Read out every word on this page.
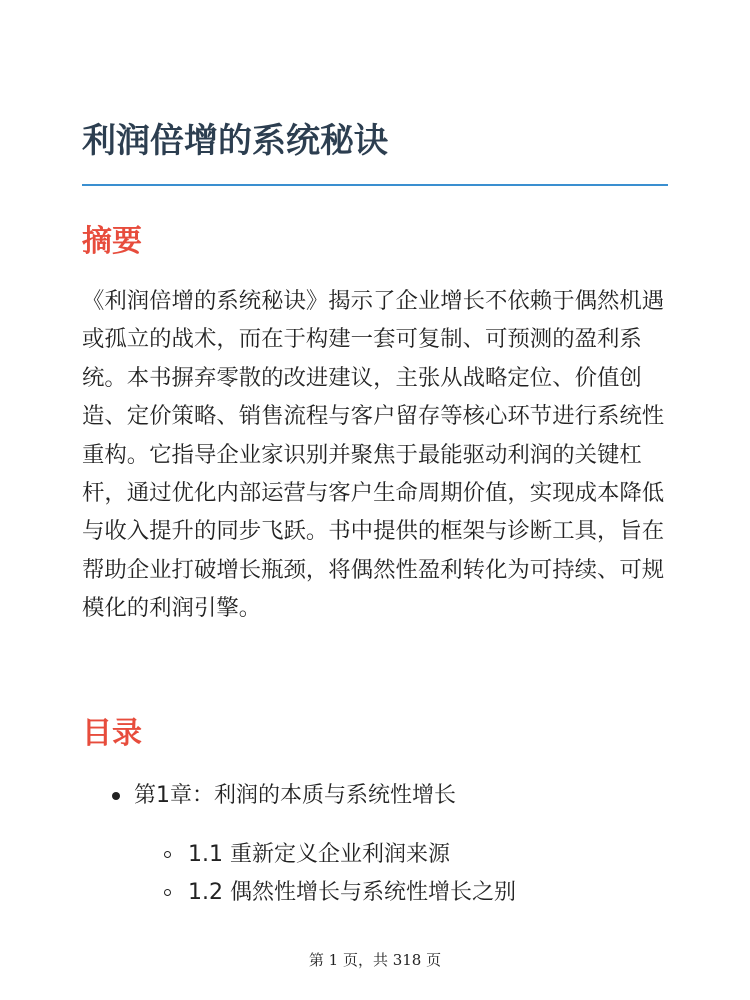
利润倍增的系统秘诀
摘要

《利润倍增的系统秘诀》揭示了企业增长不依赖于偶然机遇或孤立的战术，而在于构建一套可复制、可预测的盈利系统。本书摒弃零散的改进建议，主张从战略定位、价值创造、定价策略、销售流程与客户留存等核心环节进行系统性重构。它指导企业家识别并聚焦于最能驱动利润的关键杠杆，通过优化内部运营与客户生命周期价值，实现成本降低与收入提升的同步飞跃。书中提供的框架与诊断工具，旨在帮助企业打破增长瓶颈，将偶然性盈利转化为可持续、可规模化的利润引擎。

目录
第1章：利润的本质与系统性增长
1.1 重新定义企业利润来源
1.2 偶然性增长与系统性增长之别
第 1 页，共 318 页
